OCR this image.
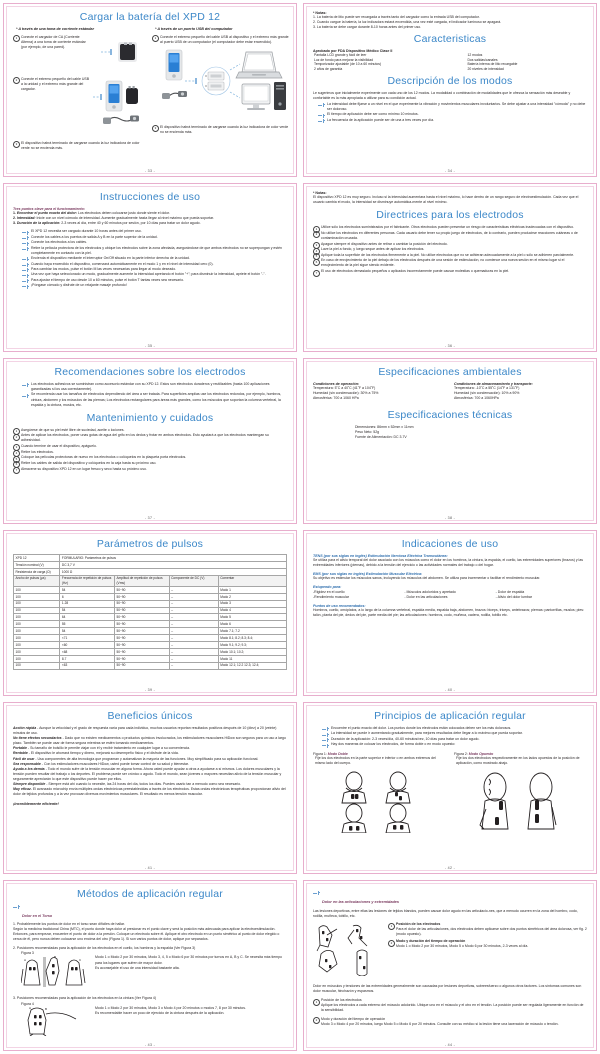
Cargar la batería del XPD 12
* A través de una toma de corriente estándar
1	Conecte el cargador de CA (Corriente Alterna) a una toma de corriente estándar (por ejemplo, de una pared).
2	Conecte el extremo pequeño del cable USB a la unidad y el extremo más grande del cargador.
3	El dispositivo habrá terminado de cargarse cuando la luz indicadora de color verde no se encienda más.
* A través de un puerto USB del computador
1	Conecte el extremo pequeño del cable USB al dispositivo y el extremo más grande al puerto USB de un computador (el computador debe estar encendido).
3	El dispositivo habrá terminado de cargarse cuando la luz indicadora de color verde no se encienda más.
- 33 -
* Notas:

1. La batería de litio puede ser recargada a través tanto del cargador como la entrada USB del computador.

2. Cuando cargue la batería, la luz indicadora estará encendida, una vez esté cargada, el indicador luminoso se apagará.

3. La batería se debe cargar durante 8-10 horas antes del primer uso.

Caracteristicas
Aprobado por FDA Dispositivo Médico Clase II
Pantalla LCD grande y fácil de leer	12 modos
Luz de fondo para mejorar la visibilidad	Dos salidas/canales
Temporizador ajustable (de 10 a 60 minutos)	Batería interna de litio recargable
2 años de garantía	20 niveles de intensidad
Descripción de los modos

Le sugerimos que inicialmente experimente con cada uno de los 12 modos. La modalidad o combinación de modalidades que le ofrezca la sensación más deseable y confortable es la más apropiada a utilizar para su condición actual.

La intensidad debe fijarse a un nivel en el que experimente la vibración y movimientos musculares involuntarios. Se debe ajustar a una intensidad "cómoda" y no debe ser doloroso.
El tiempo de aplicación debe ser como mínimo 10 minutos.
La frecuencia de la aplicación puede ser de una a tres veces por día.
- 34 -
Instrucciones de uso
Tres puntos clave para el funcionamiento:

1. Encontrar el punto exacto del dolor: Los electrodos deben colocarse justo donde siente el dolor.

2. Intensidad: Inicie con un nivel cómodo de intensidad. Aumente gradualmente hasta llegar al nivel máximo que pueda soportar.

3. Duración de la aplicación: 2-3 veces al día, entre 40 y 60 minutos por sesión, por 10 días para tratar un dolor agudo.

El XPD 12 necesita ser cargado durante 10 horas antes del primer uso.
Conecte los cables a los puertos de salida A y B en la parte superior de la unidad.
Conecte los electrodos a los cables.
Retire la película protectora de los electrodos y ubique los electrodos sobre la zona afectada, asegurándose de que ambos electrodos no se superpongan y estén completamente en contacto con la piel.
Encienda el dispositivo mediante el interruptor On/Off situado en la parte inferior derecha de la unidad.
Cuando haya encendido el dispositivo, comenzará automáticamente en el modo 1 y en el nivel de intensidad cero (0).
Para cambiar los modos, pulse el botón M las veces necesarias para llegar al modo deseado.
Una vez que haya seleccionado un modo, gradualmente aumente la intensidad apretando el botón "+"; para disminuir la intensidad, apriete el botón "-".
Para ajustar el tiempo de uso desde 10 a 60 minutos, pulse el botón T tantas veces sea necesario.
¡Póngase cómodo y disfrute de un relajante masaje profundo!
- 35 -
* Notas:

El dispositivo XPD 12 es muy seguro. Incluso si la intensidad aumentara hasta el nivel máximo, lo hace dentro de un rango seguro de electroestimulación. Cada vez que el usuario cambia el modo, la intensidad se disminuye automática-mente al nivel mínimo.

Directrices para los electrodos
1	Utilice sólo los electrodos suministrados por el fabricante. Otros electrodos pueden presentar un riesgo de características eléctricas inadecuadas con el dispositivo.
2	No utilice los electrodos en diferentes personas. Cada usuario debe tener su propio juego de electrodos, de lo contrario, pueden producirse reacciones cutáneas o de contaminación cruzada.
3	Apague siempre el dispositivo antes de retirar o cambiar la posición del electrodo.
4	Lave la piel a fondo, y luego seque antes de aplicar los electrodos.
5	Aplique toda la superficie de los electrodos firmemente a la piel. No utilice electrodos que no se adhieran adecuadamente a la piel o sólo se adhieren parcialmente.
6	En caso de enrojecimiento de la piel debajo de los electrodos después de una sesión de estimulación, no comience una nueva sesión en el mismo lugar si el enrojecimiento de la piel sigue siendo evidente.
7	El uso de electrodos demasiado pequeños o aplicados incorrectamente puede causar molestias o quemaduras en la piel.
- 36 -
Recomendaciones sobre los electrodos
Los electrodos adhesivos se suministran como accesorio estándar con su XPD 12. Estos son electrodos duraderos y reutilizables (hasta 100 aplicaciones garantizadas si los usa correctamente).
Se recomienda usar los tamaños de electrodos dependiendo del área a ser tratada. Para superficies amplias use los electrodos redondos, por ejemplo, hombros, cintura, abdomen y los músculos de las piernas; Los electrodos rectangulares para áreas más grandes, como los músculos que soportan la columna vertebral, la espalda y la cintura, muslos, etc.
Mantenimiento y cuidados
1	Asegúrese de que su piel esté libre de suciedad, aceite o lociones.
2	Antes de aplicar los electrodos, poner unas gotas de agua del grifo en los dedos y frotar en ambos electrodos. Esto ayudará a que los electrodos mantengan su adhesividad.
3	Cuando termine de usar el dispositivo, apáguelo.
4	Retire los electrodos.
5	Coloque las películas protectoras de nuevo en los electrodos o colóquelos en la plaqueta porta electrodos.
6	Retire los cables de salida del dispositivo y colóquelos en la caja hasta su próximo uso.
7	Almacene su dispositivo XPD 12 en un lugar fresco y seco hasta su próximo uso.
- 37 -
Especificaciones ambientales
Condiciones de operación:

Temperatura: 5˚C a 40˚C (41˚F a 104˚F)

Humedad (sin condensación): 30% a 75%

Atmosférica: 700 a 1060 HPa

Condiciones de almacenamiento y transporte:

Temperatura: -10˚C a 55˚C (14˚F a 131˚F)

Humedad (sin condensación): 10% a 90%

Atmosférica: 700 a 1060HPa

Especificaciones técnicas

Dimensiones: 86mm x 52mm x 11mm

Peso Neto: 52g

Fuente de Alimentación: DC 3.7V

- 38 -
Parámetros de pulsos
XPD 12	FORMULARIO: Parámetros de pulsos			
Tensión nominal (V)	DC 3,7 V			
Resistencia de carga (Ω)	1000 Ω			
Ancho de pulsos (µs)	Frecuencia de repetición de pulsos (Hz)	Amplitud de repetición de pulsos (Vms)	Componente de DC (V)	Comentar
100	54	50~90	--	Modo 1
100	6	50~90	--	Modo 2
100	1.28	50~90	--	Modo 3
100	54	50~90	--	Modo 4
100	64	50~90	--	Modo 5
100	55	50~90	--	Modo 6
100	54	50~90	--	Modo 7.1; 7.2
100	<71	50~90	--	Modo 8.1; 8.2; 8.3; 8.4;
100	<60	50~90	--	Modo 9.1; 9.2; 9.3;
100	<68	50~90	--	Modo 10.1; 10.2;
100	8.7	50~90	--	Modo 11
100	<63	50~90	--	Modo 12.1; 12.2 12.3; 12.4;
- 39 -
Indicaciones de uso
TENS (por sus siglas en inglés) Estimulación Nerviosa Eléctrica Transcutánea:

Se utiliza para el alivio temporal del dolor asociado con los músculos como el dolor en los hombros, la cintura, la espalda, el cuello, las extremidades superiores (brazos) y las extremidades inferiores (piernas), debido a la tensión del ejercicio o las actividades normales del trabajo o del hogar.

EMS (por sus siglas en inglés) Estimulación Muscular Eléctrica:

Su objetivo es estimular los músculos sanos, incluyendo los músculos del abdomen. Se utiliza para incrementar o facilitar el rendimiento muscular.

Estupendo para:
-Rigidez en el cuello
-Rendimiento muscular
- Músculos adoloridos y apretado
- Dolor en las articulaciones
- Dolor de espalda
- Alivio del dolor lumbar
Puntos de uso recomendados:

Hombros, cuello, omóplatos, a lo largo de la columna vertebral, espalda media, espalda baja, abdomen, brazos: biceps, triceps, antebrazos; piernas: pantorrillas, muslos; pies: talón, planta del pie, dedos del pie, parte media del pie; las articulaciones: hombros, codo, muñeca, cadera, rodilla, tobillo etc.

- 40 -
Beneficios únicos

Acción rápida - Aunque la velocidad y el grado de respuesta varía para cada individuo, muchos usuarios reportan resultados positivos después de 10 (diez) a 20 (veinte) minutos de uso.

No tiene efectos secundarios - Dado que no existen medicamentos o productos químicos involucrados, los estimuladores musculares HiDow son seguros para un uso a largo plazo. También se puede usar de forma segura mientras se estén tomando medicamentos.

Portable - Su tamaño de bolsillo le permite viajar con él y recibir tratamiento en cualquier lugar a su conveniencia.

Rentable - El dispositivo le ahorrará tiempo y dinero, mejorará su desempeño físico y el disfrute de la vida.

Fácil de usar - Usa componentes de alta tecnología que programan y automatizan la mayoría de las funciones. Muy simplificado para su aplicación funcional.

Sea responsable - Con los estimuladores musculares HiDow, usted puede tomar control de su salud y bienestar.

Ayuda a los demás - Todo el mundo sufre de la tensión muscular en alguna forma. Ahora usted puede ayudar a otros a ayudarse a sí mismos. Los dolores musculares y la tensión pueden resultar del trabajo o los deportes. El problema puede ser crónico o agudo. Todo el mundo, sean jóvenes o mayores necesitan alivio de la tensión muscular y seguramente apreciarán lo que este dispositivo puede hacer por ellos.

Siempre disponible - Siempre está ahí cuando lo necesite, las 24 horas del día, todos los días. Puedes usarlo tan a menudo como sea necesario.

Muy eficaz- El avanzado microchip envía múltiples ondas electrónicas preestablecidas a través de los electrodos. Estas ondas electrónicas terapéuticas proporcionan alivio del dolor de tejidos profundos y a la vez provocan diversos movimientos musculares. El resultado es menos tensión muscular.

¡Increíblemente eficiente!
- 41 -
Principios de aplicación regular
Encuentre el punto exacto del dolor. Los puntos donde los electrodos están colocados deben ser los más dolorosos.
La intensidad se puede ir aumentando gradualmente, para mejores resultados debe llegar a lo máximo que pueda soportar.
Duración de la aplicación: 2-3 veces/día, 40-60 minutos/vez, 10 días para tratar un dolor agudo.
Hay dos maneras de colocar los electrodos, de forma doble o en modo opuesto:
Figura 1: Modo Doble

Fije los dos electrodos en la parte superior e inferior o en ambos extremos del mismo lado del cuerpo.

Figura 2: Modo Opuesto

Fije los dos electrodos respectivamente en los lados opuestos de la posición de aplicación, como mostrado abajo.

- 42 -
Métodos de aplicación regular
Dolor en el Torso

1. Probablemente los puntos de dolor en el torso sean difíciles de hallar.

Según la medicina tradicional China (MTC), el punto donde haya dolor al presionar es el punto clave y será la posición más adecuada para aplicar la electroestimulación. Entonces, para empezar, encuentre el punto de dolor a la presión. Coloque un electrodo sobre él. Aplique el otro electrodo en un punto simétrico al punto de dolor elegido o cerca de él, pero nunca deben colocarse uno encima del otro (Figura 1). Si son varios puntos de dolor, aplique por separados.

2. Posiciones recomendadas para la aplicación de los electrodos en el cuello, los hombros y la espalda (Ver Figura 3)

Figura 3
A
B
C

Modo 1 o Modo 2 por 30 minutos, Modo 3, 4, 5 o Modo 6 por 30 minutos por turnos en A, B y C. Se necesita más tiempo para los lugares que sufren de mayor dolor.

Es aconsejable el uso de una intensidad bastante alta.

3. Posiciones recomendadas para la aplicación de los electrodos en la cintura (Ver Figura 4)

Figura 4
A	B	Modo 1 o Modo 2 por 30 minutos, Modo 3 o Modo 4 por 20 minutos o modos 7, 8 por 30 minutos.

Es recomendable hacer un poco de ejercicio de la cintura después de la aplicación.

- 43 -
Dolor en las articulaciones y extremidades

Las lesiones deportivas, entre ellas las lesiones de tejidos blandos, pueden causar dolor agudo en las articulacio-nes, que a menudo ocurren en la zona del hombro, codo, rodilla, muñeca, tobillo, etc.

1	Posición de los electrodos
Para el dolor de las articulaciones, dos electrodos deben aplicarse sobre dos puntos simétricos del área dolorosa, ver fig. 2 (modo opuesto).
2	Modo y duración del tiempo de operación
Modo 1 o Modo 2 por 30 minutos, Modo 5 o Modo 6 por 30 minutos, 2-3 veces al día.

Dolor en músculos y tendones de las extremidades generalmente son causadas por lesiones deportivas, sobreesfuerzo o algunos otros factores. Los síntomas comunes son dolor muscular, hinchazón y espasmos.

1	Posición de los electrodos
Aplique los electrodos a cada extremo del músculo adolorido. Ubique uno en el músculo y el otro en el tendón. La posición puede ser regulada ligeramente en función de la sensibilidad.
2	Modo y duración del tiempo de operación
Modo 3 o Modo 4 por 20 minutos, luego Modo 5 o Modo 6 por 20 minutos. Consulte con su médico si la lesión tiene una laceración de músculo o tendón.
- 44 -
